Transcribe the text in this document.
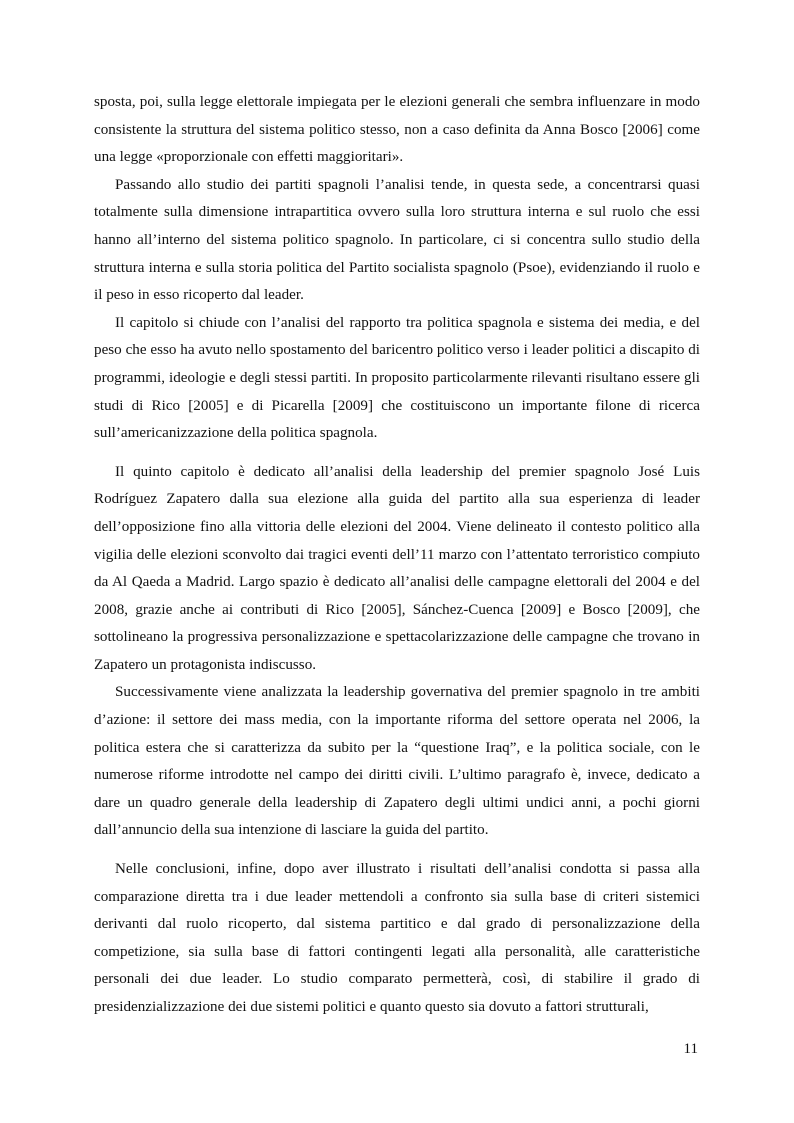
sposta, poi, sulla legge elettorale impiegata per le elezioni generali che sembra influenzare in modo consistente la struttura del sistema politico stesso, non a caso definita da Anna Bosco [2006] come una legge «proporzionale con effetti maggioritari».

Passando allo studio dei partiti spagnoli l’analisi tende, in questa sede, a concentrarsi quasi totalmente sulla dimensione intrapartitica ovvero sulla loro struttura interna e sul ruolo che essi hanno all’interno del sistema politico spagnolo. In particolare, ci si concentra sullo studio della struttura interna e sulla storia politica del Partito socialista spagnolo (Psoe), evidenziando il ruolo e il peso in esso ricoperto dal leader.

Il capitolo si chiude con l’analisi del rapporto tra politica spagnola e sistema dei media, e del peso che esso ha avuto nello spostamento del baricentro politico verso i leader politici a discapito di programmi, ideologie e degli stessi partiti. In proposito particolarmente rilevanti risultano essere gli studi di Rico [2005] e di Picarella [2009] che costituiscono un importante filone di ricerca sull’americanizzazione della politica spagnola.

Il quinto capitolo è dedicato all’analisi della leadership del premier spagnolo José Luis Rodríguez Zapatero dalla sua elezione alla guida del partito alla sua esperienza di leader dell’opposizione fino alla vittoria delle elezioni del 2004. Viene delineato il contesto politico alla vigilia delle elezioni sconvolto dai tragici eventi dell’11 marzo con l’attentato terroristico compiuto da Al Qaeda a Madrid. Largo spazio è dedicato all’analisi delle campagne elettorali del 2004 e del 2008, grazie anche ai contributi di Rico [2005], Sánchez-Cuenca [2009] e Bosco [2009], che sottolineano la progressiva personalizzazione e spettacolarizzazione delle campagne che trovano in Zapatero un protagonista indiscusso.

Successivamente viene analizzata la leadership governativa del premier spagnolo in tre ambiti d’azione: il settore dei mass media, con la importante riforma del settore operata nel 2006, la politica estera che si caratterizza da subito per la “questione Iraq”, e la politica sociale, con le numerose riforme introdotte nel campo dei diritti civili. L’ultimo paragrafo è, invece, dedicato a dare un quadro generale della leadership di Zapatero degli ultimi undici anni, a pochi giorni dall’annuncio della sua intenzione di lasciare la guida del partito.

Nelle conclusioni, infine, dopo aver illustrato i risultati dell’analisi condotta si passa alla comparazione diretta tra i due leader mettendoli a confronto sia sulla base di criteri sistemici derivanti dal ruolo ricoperto, dal sistema partitico e dal grado di personalizzazione della competizione, sia sulla base di fattori contingenti legati alla personalità, alle caratteristiche personali dei due leader. Lo studio comparato permetterà, così, di stabilire il grado di presidenzializzazione dei due sistemi politici e quanto questo sia dovuto a fattori strutturali,

11
